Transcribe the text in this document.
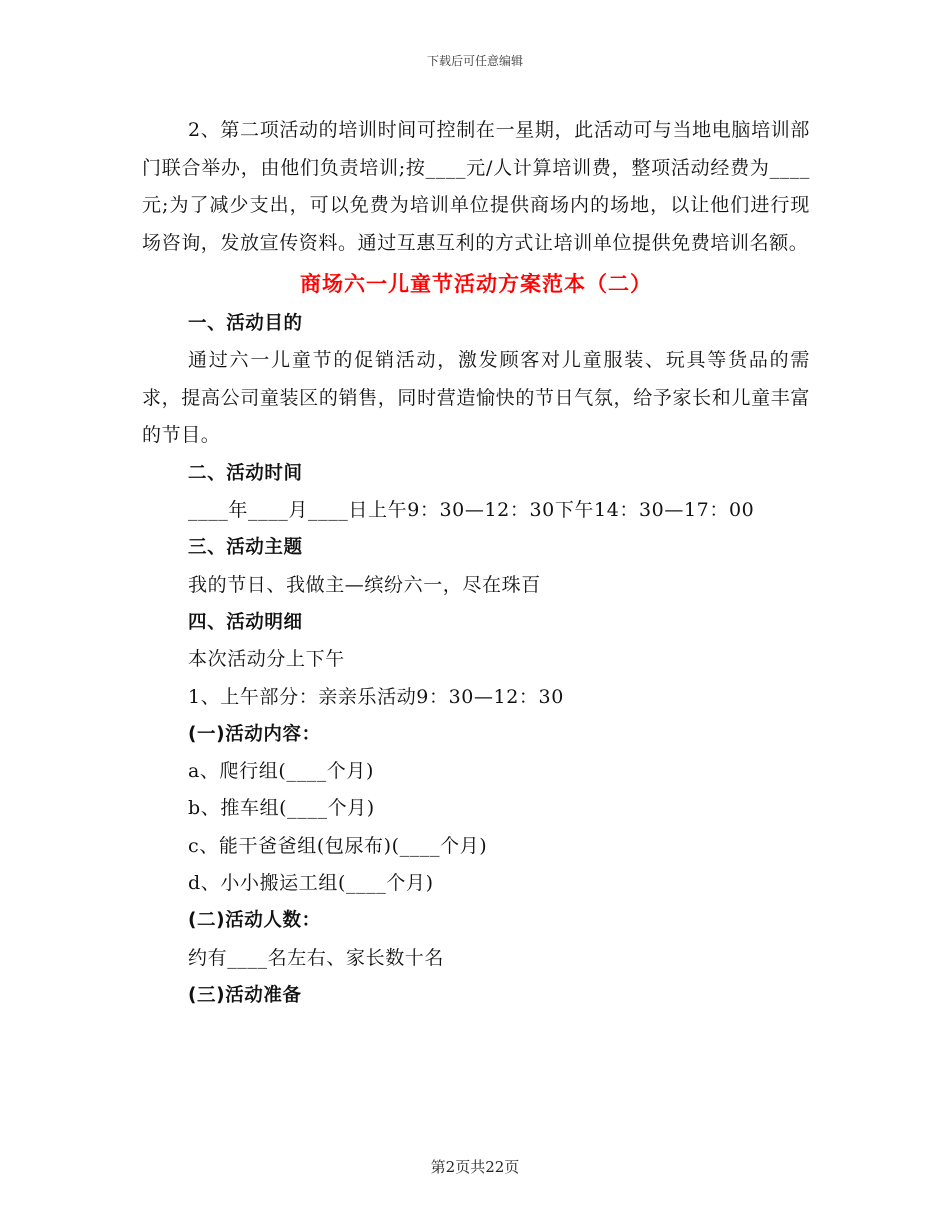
下载后可任意编辑

2、第二项活动的培训时间可控制在一星期，此活动可与当地电脑培训部门联合举办，由他们负责培训;按____元/人计算培训费，整项活动经费为____元;为了减少支出，可以免费为培训单位提供商场内的场地，以让他们进行现场咨询，发放宣传资料。通过互惠互利的方式让培训单位提供免费培训名额。

商场六一儿童节活动方案范本（二）

一、活动目的

通过六一儿童节的促销活动，激发顾客对儿童服装、玩具等货品的需求，提高公司童装区的销售，同时营造愉快的节日气氛，给予家长和儿童丰富的节目。

二、活动时间

____年____月____日上午9：30—12：30下午14：30—17：00

三、活动主题

我的节日、我做主—缤纷六一，尽在珠百

四、活动明细

本次活动分上下午

1、上午部分：亲亲乐活动9：30—12：30

(一)活动内容：

a、爬行组(____个月)

b、推车组(____个月)

c、能干爸爸组(包尿布)(____个月)

d、小小搬运工组(____个月)

(二)活动人数：

约有____名左右、家长数十名

(三)活动准备

第2页共22页
